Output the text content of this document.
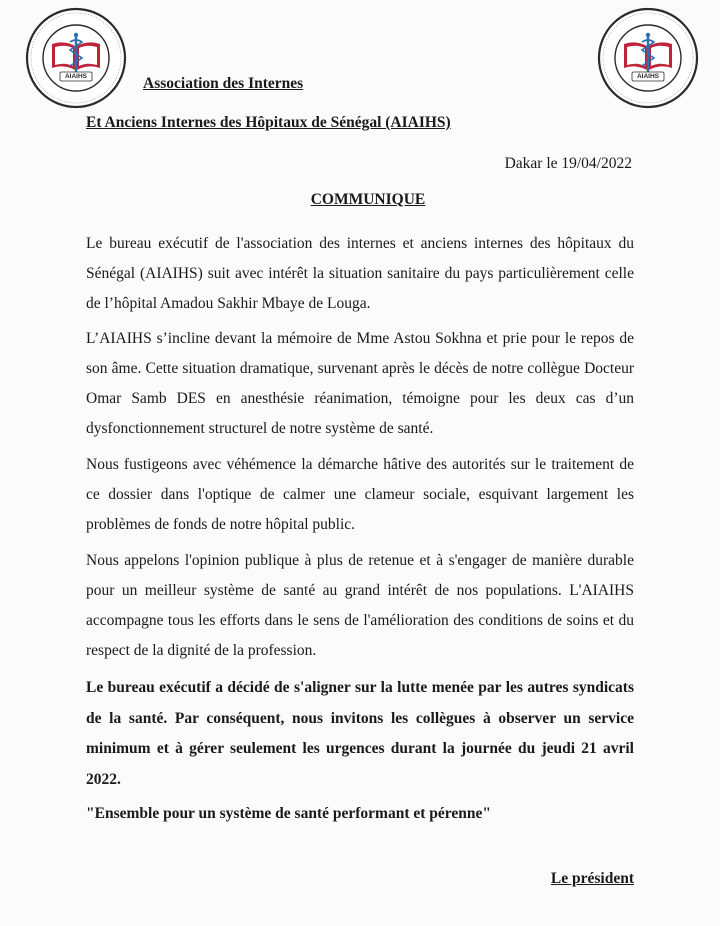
AIAIHS	AIAIHS
Association des Internes
Et Anciens Internes des Hôpitaux de Sénégal (AIAIHS)
Dakar le 19/04/2022
COMMUNIQUE

Le bureau exécutif de l'association des internes et anciens internes des hôpitaux du Sénégal (AIAIHS) suit avec intérêt la situation sanitaire du pays particulièrement celle de l’hôpital Amadou Sakhir Mbaye de Louga.

L’AIAIHS s’incline devant la mémoire de Mme Astou Sokhna et prie pour le repos de son âme. Cette situation dramatique, survenant après le décès de notre collègue Docteur Omar Samb DES en anesthésie réanimation, témoigne pour les deux cas d’un dysfonctionnement structurel de notre système de santé.

Nous fustigeons avec véhémence la démarche hâtive des autorités sur le traitement de ce dossier dans l'optique de calmer une clameur sociale, esquivant largement les problèmes de fonds de notre hôpital public.

Nous appelons l'opinion publique à plus de retenue et à s'engager de manière durable pour un meilleur système de santé au grand intérêt de nos populations. L'AIAIHS accompagne tous les efforts dans le sens de l'amélioration des conditions de soins et du respect de la dignité de la profession.

Le bureau exécutif a décidé de s'aligner sur la lutte menée par les autres syndicats de la santé. Par conséquent, nous invitons les collègues à observer un service minimum et à gérer seulement les urgences durant la journée du jeudi 21 avril 2022.

"Ensemble pour un système de santé performant et pérenne"

Le président
